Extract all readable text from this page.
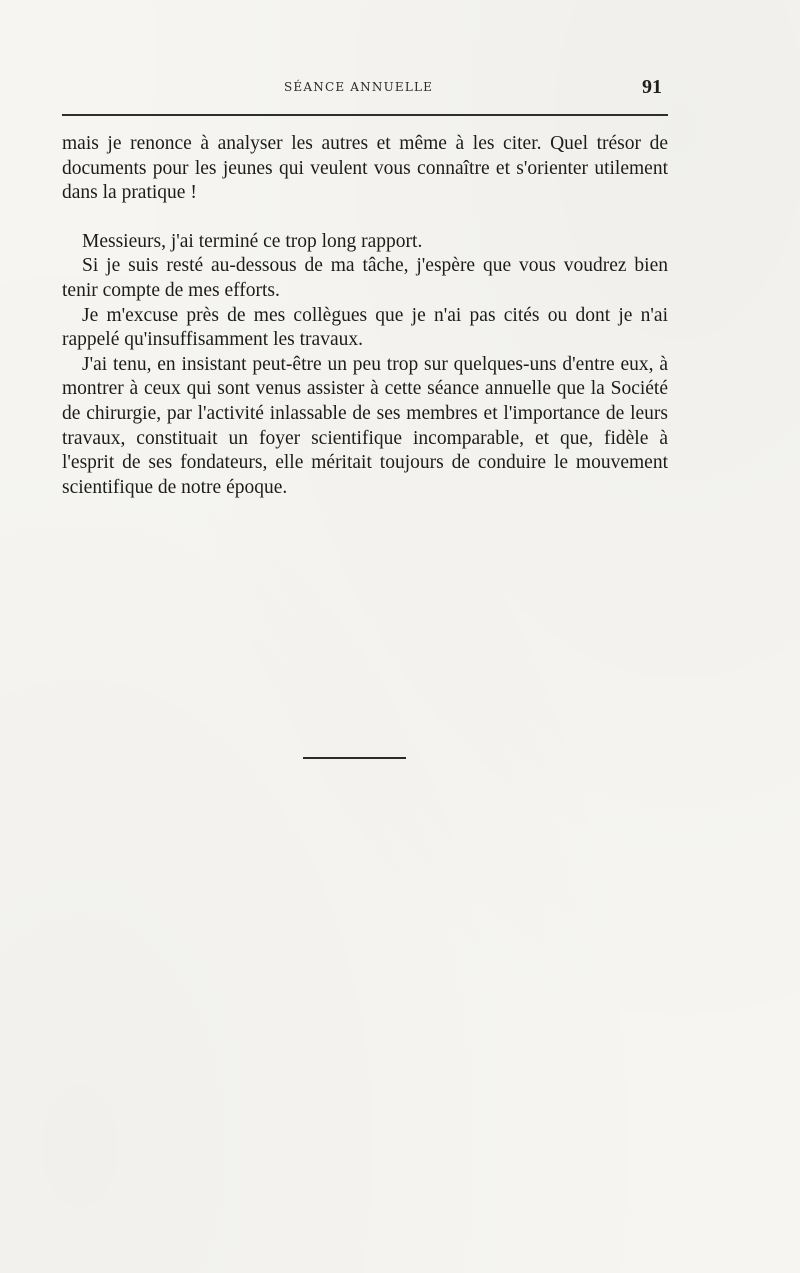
SÉANCE ANNUELLE	91

mais je renonce à analyser les autres et même à les citer. Quel trésor de documents pour les jeunes qui veulent vous connaître et s'orienter utilement dans la pratique !

Messieurs, j'ai terminé ce trop long rapport.

Si je suis resté au-dessous de ma tâche, j'espère que vous voudrez bien tenir compte de mes efforts.

Je m'excuse près de mes collègues que je n'ai pas cités ou dont je n'ai rappelé qu'insuffisamment les travaux.

J'ai tenu, en insistant peut-être un peu trop sur quelques-uns d'entre eux, à montrer à ceux qui sont venus assister à cette séance annuelle que la Société de chirurgie, par l'activité inlassable de ses membres et l'importance de leurs travaux, constituait un foyer scientifique incomparable, et que, fidèle à l'esprit de ses fondateurs, elle méritait toujours de conduire le mouvement scientifique de notre époque.
